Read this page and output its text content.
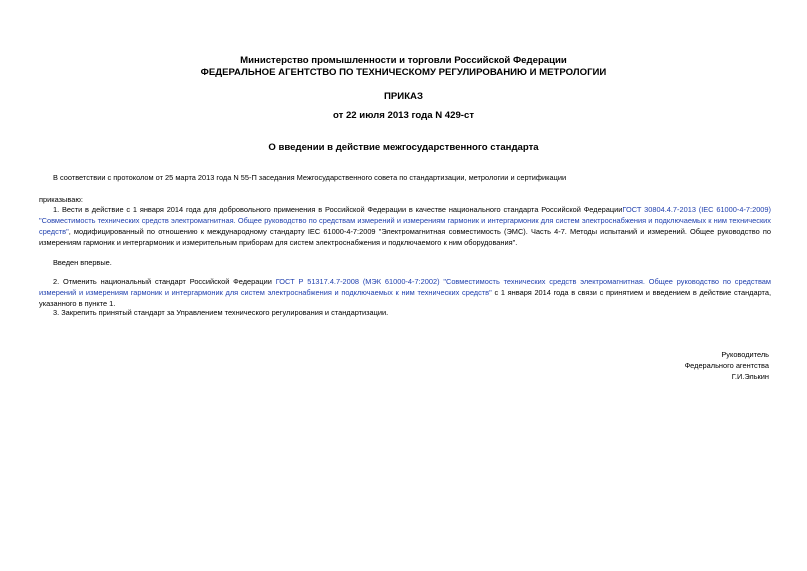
Министерство промышленности и торговли Российской Федерации
ФЕДЕРАЛЬНОЕ АГЕНТСТВО ПО ТЕХНИЧЕСКОМУ РЕГУЛИРОВАНИЮ И МЕТРОЛОГИИ
ПРИКАЗ
от 22 июля 2013 года N 429-ст
О введении в действие межгосударственного стандарта
В соответствии с протоколом от 25 марта 2013 года N 55-П заседания Межгосударственного совета по стандартизации, метрологии и сертификации
приказываю:
1. Вести в действие с 1 января 2014 года для добровольного применения в Российской Федерации в качестве национального стандарта Российской ФедерацииГОСТ 30804.4.7-2013 (IEC 61000-4-7:2009) "Совместимость технических средств электромагнитная. Общее руководство по средствам измерений и измерениям гармоник и интергармоник для систем электроснабжения и подключаемых к ним технических средств", модифицированный по отношению к международному стандарту IEC 61000-4-7:2009 "Электромагнитная совместимость (ЭМС). Часть 4-7. Методы испытаний и измерений. Общее руководство по измерениям гармоник и интергармоник и измерительным приборам для систем электроснабжения и подключаемого к ним оборудования".
Введен впервые.
2. Отменить национальный стандарт Российской Федерации ГОСТ Р 51317.4.7-2008 (МЭК 61000-4-7:2002) "Совместимость технических средств электромагнитная. Общее руководство по средствам измерений и измерениям гармоник и интергармоник для систем электроснабжения и подключаемых к ним технических средств" с 1 января 2014 года в связи с принятием и введением в действие стандарта, указанного в пункте 1.
3. Закрепить принятый стандарт за Управлением технического регулирования и стандартизации.
Руководитель
Федерального агентства
Г.И.Элькин
